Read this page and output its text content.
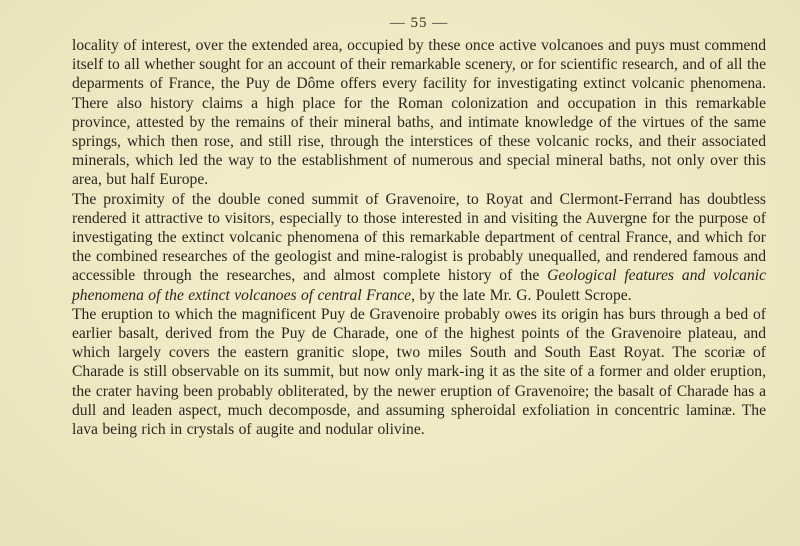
— 55 —

locality of interest, over the extended area, occupied by these once active volcanoes and puys must commend itself to all whether sought for an account of their remarkable scenery, or for scientific research, and of all the deparments of France, the Puy de Dôme offers every facility for investigating extinct volcanic phenomena. There also history claims a high place for the Roman colonization and occupation in this remarkable province, attested by the remains of their mineral baths, and intimate knowledge of the virtues of the same springs, which then rose, and still rise, through the interstices of these volcanic rocks, and their associated minerals, which led the way to the establishment of numerous and special mineral baths, not only over this area, but half Europe.

The proximity of the double coned summit of Gravenoire, to Royat and Clermont-Ferrand has doubtless rendered it attractive to visitors, especially to those interested in and visiting the Auvergne for the purpose of investigating the extinct volcanic phenomena of this remarkable department of central France, and which for the combined researches of the geologist and mine-ralogist is probably unequalled, and rendered famous and accessible through the researches, and almost complete history of the Geological features and volcanic phenomena of the extinct volcanoes of central France, by the late Mr. G. Poulett Scrope.

The eruption to which the magnificent Puy de Gravenoire probably owes its origin has burs through a bed of earlier basalt, derived from the Puy de Charade, one of the highest points of the Gravenoire plateau, and which largely covers the eastern granitic slope, two miles South and South East Royat. The scoriæ of Charade is still observable on its summit, but now only mark-ing it as the site of a former and older eruption, the crater having been probably obliterated, by the newer eruption of Gravenoire; the basalt of Charade has a dull and leaden aspect, much decomposde, and assuming spheroidal exfoliation in concentric laminæ. The lava being rich in crystals of augite and nodular olivine.
